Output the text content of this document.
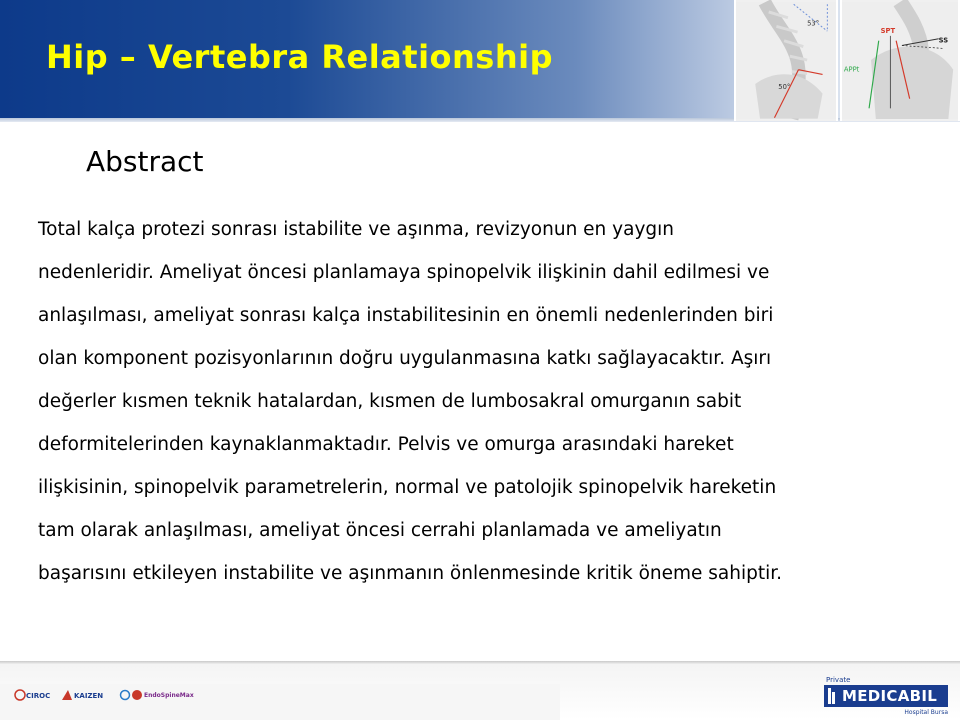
Hip – Vertebra Relationship
53°
50°
SPT
SS
APPt
Abstract
Total kalça protezi sonrası istabilite ve aşınma, revizyonun en yaygın
nedenleridir. Ameliyat öncesi planlamaya spinopelvik ilişkinin dahil edilmesi ve
anlaşılması, ameliyat sonrası kalça instabilitesinin en önemli nedenlerinden biri
olan komponent pozisyonlarının doğru uygulanmasına katkı sağlayacaktır. Aşırı
değerler kısmen teknik hatalardan, kısmen de lumbosakral omurganın sabit
deformitelerinden kaynaklanmaktadır. Pelvis ve omurga arasındaki hareket
ilişkisinin, spinopelvik parametrelerin, normal ve patolojik spinopelvik hareketin
tam olarak anlaşılması, ameliyat öncesi cerrahi planlamada ve ameliyatın
başarısını etkileyen instabilite ve aşınmanın önlenmesinde kritik öneme sahiptir.
CIROC	KAIZEN	EndoSpineMax
Private
MEDICABIL
Hospital Bursa
